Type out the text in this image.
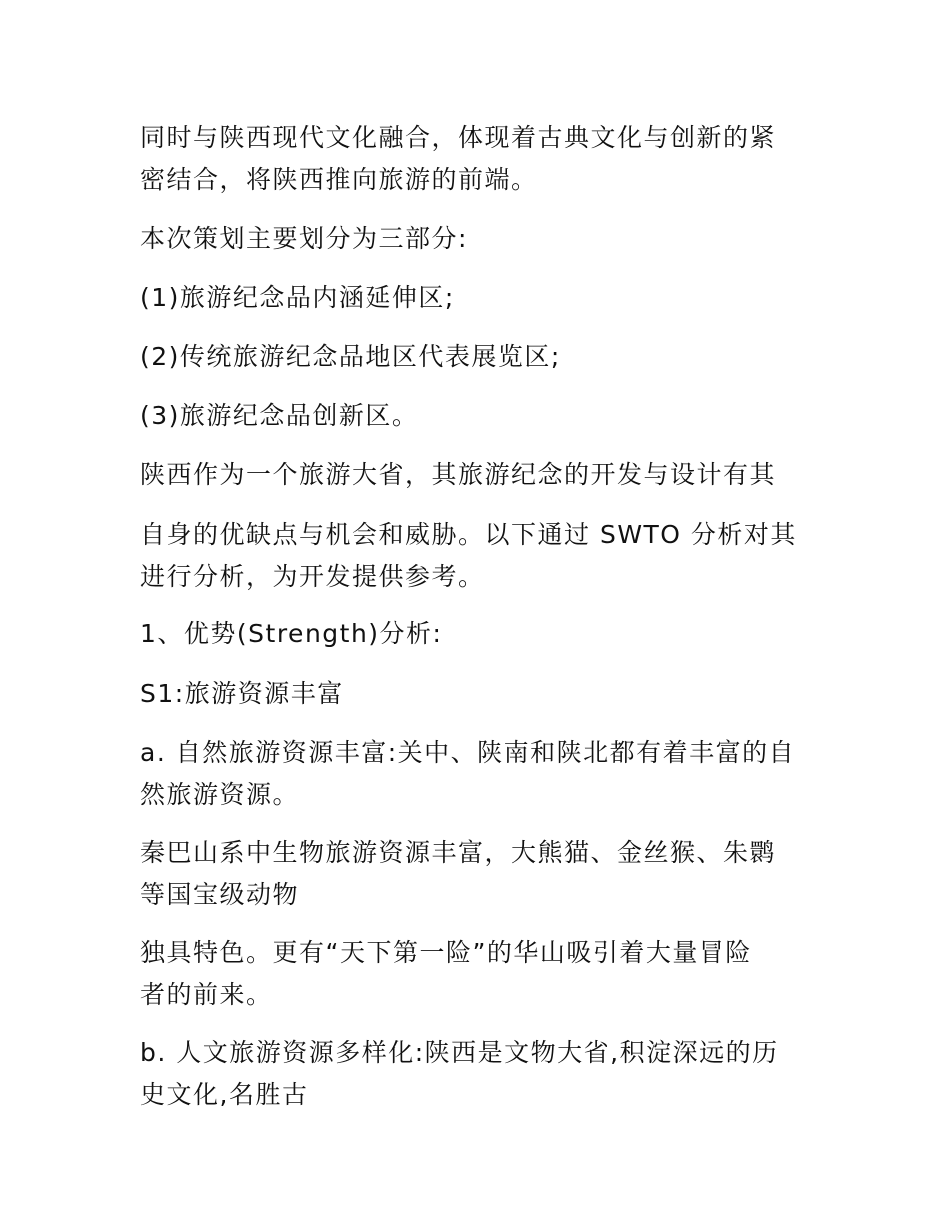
同时与陕西现代文化融合，体现着古典文化与创新的紧
密结合，将陕西推向旅游的前端。

本次策划主要划分为三部分:

(1)旅游纪念品内涵延伸区;

(2)传统旅游纪念品地区代表展览区;

(3)旅游纪念品创新区。

陕西作为一个旅游大省，其旅游纪念的开发与设计有其

自身的优缺点与机会和威胁。以下通过 SWTO 分析对其
进行分析，为开发提供参考。

1、优势(Strength)分析:

S1:旅游资源丰富

a. 自然旅游资源丰富:关中、陕南和陕北都有着丰富的自
然旅游资源。

秦巴山系中生物旅游资源丰富，大熊猫、金丝猴、朱鹮
等国宝级动物

独具特色。更有“天下第一险”的华山吸引着大量冒险
者的前来。

b. 人文旅游资源多样化:陕西是文物大省,积淀深远的历
史文化,名胜古
